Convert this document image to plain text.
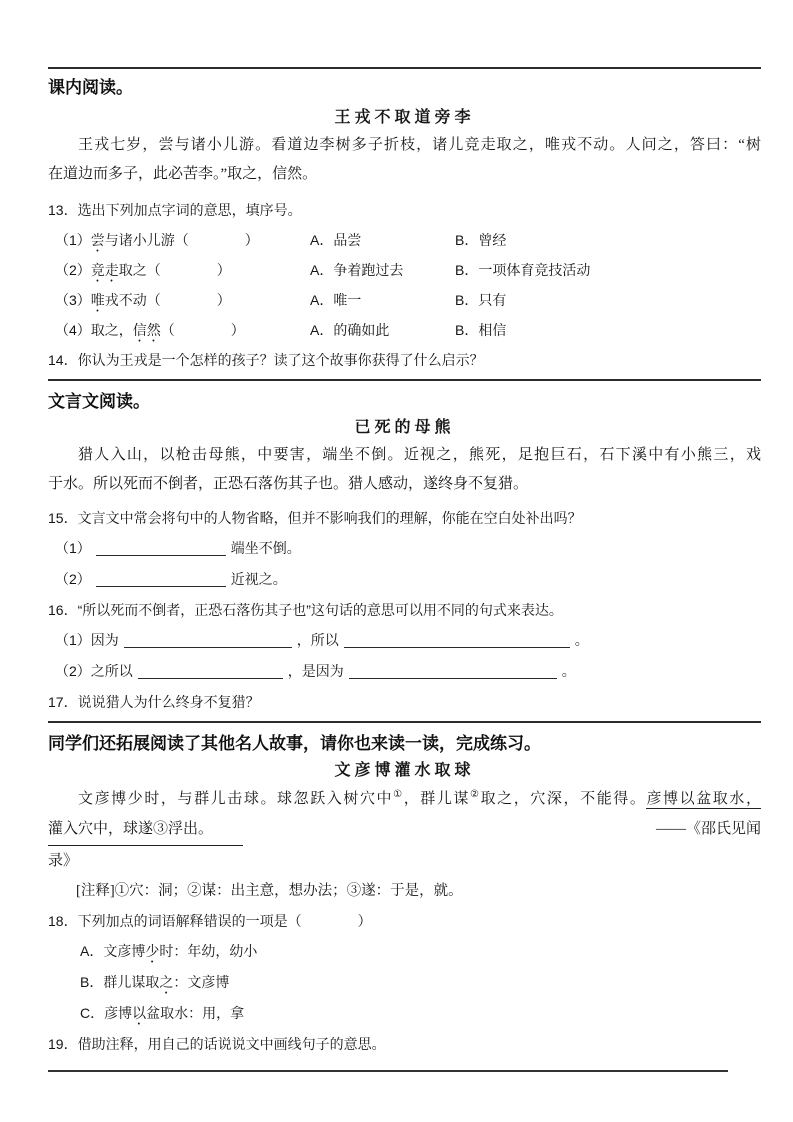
课内阅读。
王戎不取道旁李
王戎七岁，尝与诸小儿游。看道边李树多子折枝，诸儿竞走取之，唯戎不动。人问之，答曰：“树
在道边而多子，此必苦李。”取之，信然。
13．选出下列加点字词的意思，填序号。
（1）尝与诸小儿游（　　　　）	A．品尝	B．曾经
（2）竞走取之（　　　　）	A．争着跑过去	B．一项体育竞技活动
（3）唯戎不动（　　　　）	A．唯一	B．只有
（4）取之，信然（　　　　）	A．的确如此	B．相信
14．你认为王戎是一个怎样的孩子？读了这个故事你获得了什么启示？
文言文阅读。
已死的母熊
猎人入山，以枪击母熊，中要害，端坐不倒。近视之，熊死，足抱巨石，石下溪中有小熊三，戏
于水。所以死而不倒者，正恐石落伤其子也。猎人感动，遂终身不复猎。
15．文言文中常会将句中的人物省略，但并不影响我们的理解，你能在空白处补出吗？
（1）	端坐不倒。
（2）	近视之。
16．“所以死而不倒者，正恐石落伤其子也”这句话的意思可以用不同的句式来表达。
（1）因为	，所以	。
（2）之所以	，是因为	。
17．说说猎人为什么终身不复猎？
同学们还拓展阅读了其他名人故事，请你也来读一读，完成练习。
文彦博灌水取球
文彦博少时，与群儿击球。球忽跃入树穴中①，群儿谋②取之，穴深，不能得。彦博以盆取水，
灌入穴中，球遂③浮出。	——《邵氏见闻
录》
[注释]①穴：洞；②谋：出主意，想办法；③遂：于是，就。
18．下列加点的词语解释错误的一项是（　　　　）
A．文彦博少时：年幼，幼小
B．群儿谋取之：文彦博
C．彦博以盆取水：用，拿
19．借助注释，用自己的话说说文中画线句子的意思。
